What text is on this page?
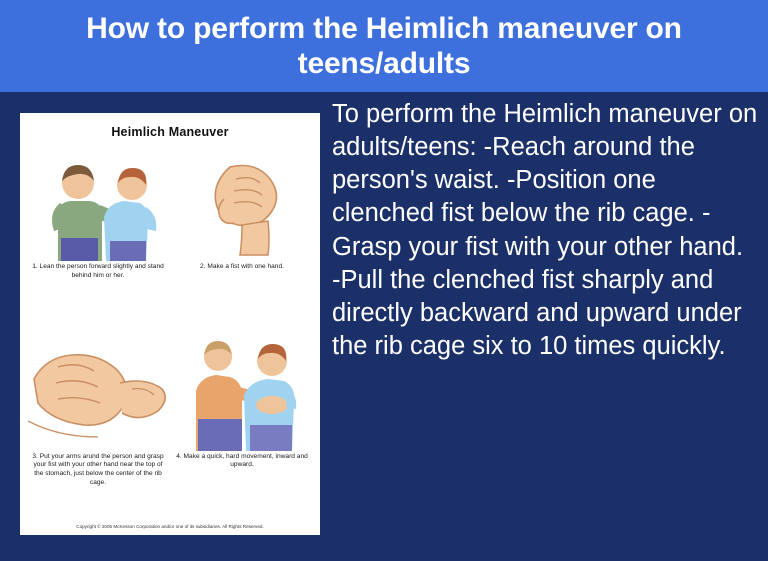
How to perform the Heimlich maneuver on teens/adults
Heimlich Maneuver
1. Lean the person forward slightly and stand behind him or her.
2. Make a fist with one hand.
3. Put your arms arund the person and grasp your fist with your other hand near the top of the stomach, just below the center of the rib cage.
4. Make a quick, hard movement, inward and upward.
Copyright © 2005 McKesson Corporation and/or one of its subsidiaries. All Rights Reserved.

To perform the Heimlich maneuver on adults/teens: -Reach around the person's waist. -Position one clenched fist below the rib cage. -Grasp your fist with your other hand. -Pull the clenched fist sharply and directly backward and upward under the rib cage six to 10 times quickly.
